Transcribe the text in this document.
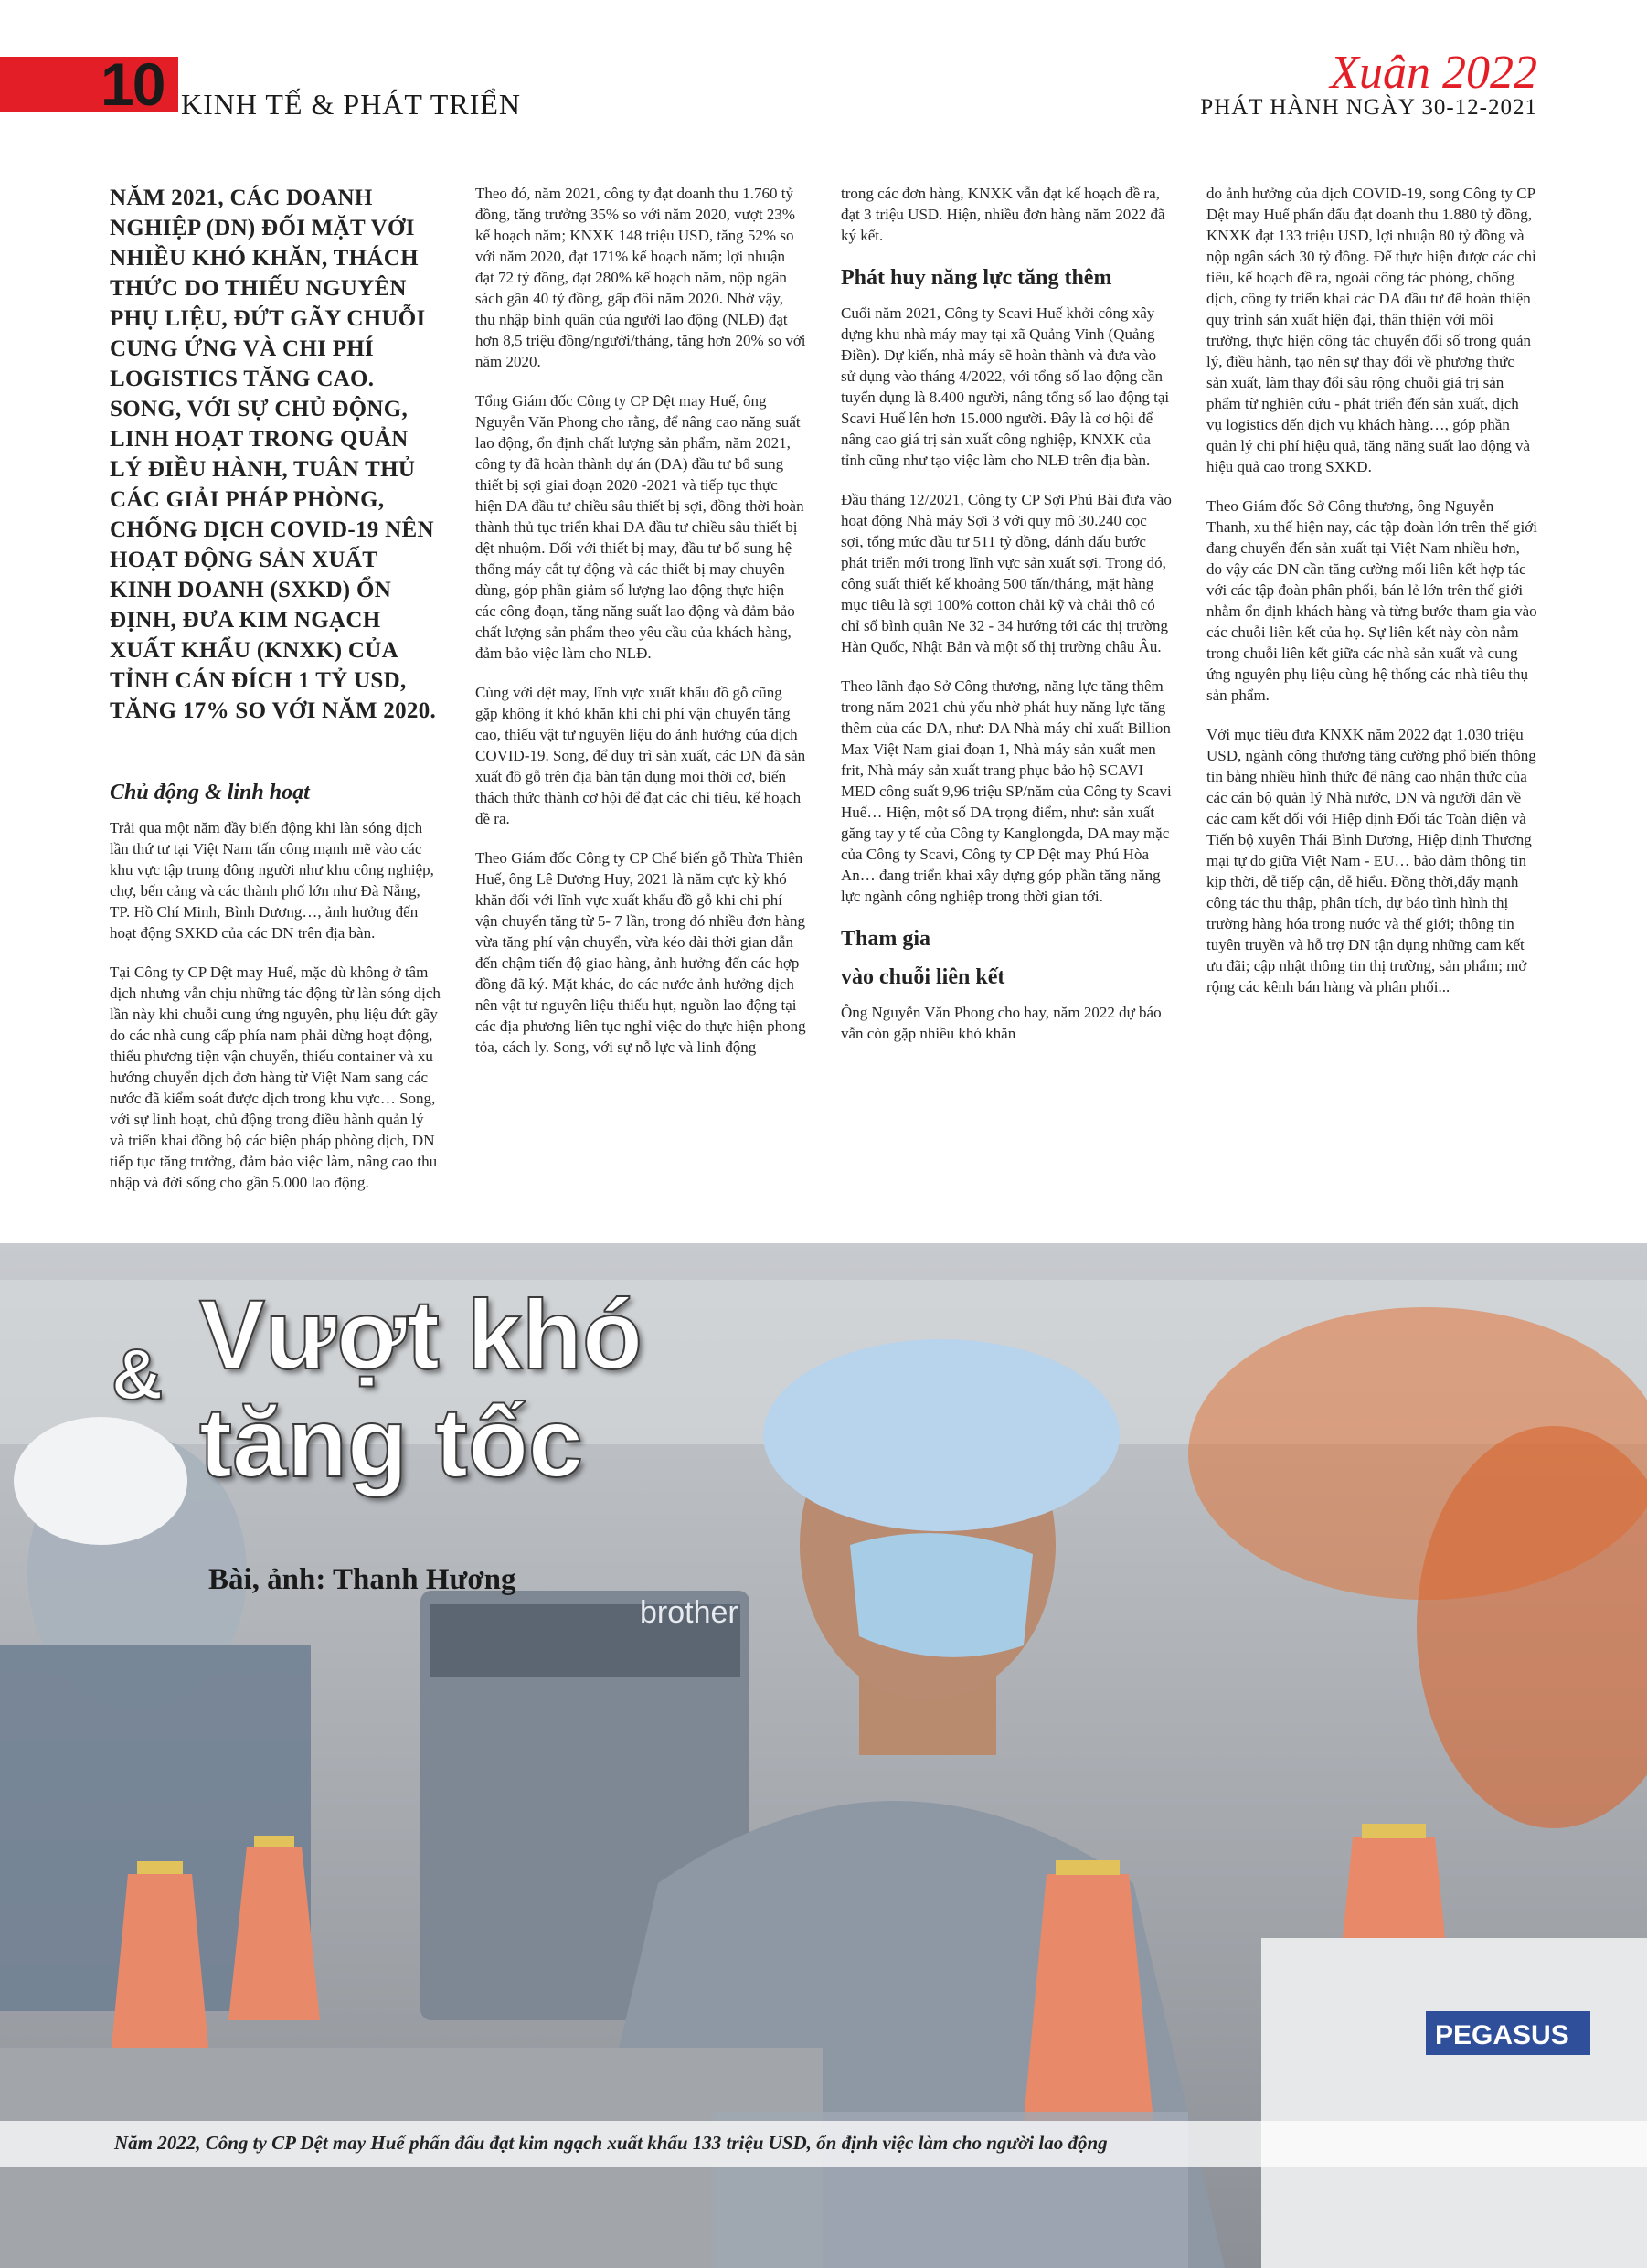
10 KINH TẾ & PHÁT TRIỂN
Xuân 2022
PHÁT HÀNH NGÀY 30-12-2021

NĂM 2021, CÁC DOANH NGHIỆP (DN) ĐỐI MẶT VỚI NHIỀU KHÓ KHĂN, THÁCH THỨC DO THIẾU NGUYÊN PHỤ LIỆU, ĐỨT GÃY CHUỖI CUNG ỨNG VÀ CHI PHÍ LOGISTICS TĂNG CAO. SONG, VỚI SỰ CHỦ ĐỘNG, LINH HOẠT TRONG QUẢN LÝ ĐIỀU HÀNH, TUÂN THỦ CÁC GIẢI PHÁP PHÒNG, CHỐNG DỊCH COVID-19 NÊN HOẠT ĐỘNG SẢN XUẤT KINH DOANH (SXKD) ỔN ĐỊNH, ĐƯA KIM NGẠCH XUẤT KHẨU (KNXK) CỦA TỈNH CÁN ĐÍCH 1 TỶ USD, TĂNG 17% SO VỚI NĂM 2020.

Chủ động & linh hoạt

Trải qua một năm đầy biến động khi làn sóng dịch lần thứ tư tại Việt Nam tấn công mạnh mẽ vào các khu vực tập trung đông người như khu công nghiệp, chợ, bến cảng và các thành phố lớn như Đà Nẵng, TP. Hồ Chí Minh, Bình Dương…, ảnh hưởng đến hoạt động SXKD của các DN trên địa bàn.

Tại Công ty CP Dệt may Huế, mặc dù không ở tâm dịch nhưng vẫn chịu những tác động từ làn sóng dịch lần này khi chuỗi cung ứng nguyên, phụ liệu đứt gãy do các nhà cung cấp phía nam phải dừng hoạt động, thiếu phương tiện vận chuyển, thiếu container và xu hướng chuyển dịch đơn hàng từ Việt Nam sang các nước đã kiểm soát được dịch trong khu vực… Song, với sự linh hoạt, chủ động trong điều hành quản lý và triển khai đồng bộ các biện pháp phòng dịch, DN tiếp tục tăng trưởng, đảm bảo việc làm, nâng cao thu nhập và đời sống cho gần 5.000 lao động.

Theo đó, năm 2021, công ty đạt doanh thu 1.760 tỷ đồng, tăng trưởng 35% so với năm 2020, vượt 23% kế hoạch năm; KNXK 148 triệu USD, tăng 52% so với năm 2020, đạt 171% kế hoạch năm; lợi nhuận đạt 72 tỷ đồng, đạt 280% kế hoạch năm, nộp ngân sách gần 40 tỷ đồng, gấp đôi năm 2020. Nhờ vậy, thu nhập bình quân của người lao động (NLĐ) đạt hơn 8,5 triệu đồng/người/tháng, tăng hơn 20% so với năm 2020.

Tổng Giám đốc Công ty CP Dệt may Huế, ông Nguyễn Văn Phong cho rằng, để nâng cao năng suất lao động, ổn định chất lượng sản phẩm, năm 2021, công ty đã hoàn thành dự án (DA) đầu tư bổ sung thiết bị sợi giai đoạn 2020 -2021 và tiếp tục thực hiện DA đầu tư chiều sâu thiết bị sợi, đồng thời hoàn thành thủ tục triển khai DA đầu tư chiều sâu thiết bị dệt nhuộm. Đối với thiết bị may, đầu tư bổ sung hệ thống máy cắt tự động và các thiết bị may chuyên dùng, góp phần giảm số lượng lao động thực hiện các công đoạn, tăng năng suất lao động và đảm bảo chất lượng sản phẩm theo yêu cầu của khách hàng, đảm bảo việc làm cho NLĐ.

Cùng với dệt may, lĩnh vực xuất khẩu đồ gỗ cũng gặp không ít khó khăn khi chi phí vận chuyển tăng cao, thiếu vật tư nguyên liệu do ảnh hưởng của dịch COVID-19. Song, để duy trì sản xuất, các DN đã sản xuất đồ gỗ trên địa bàn tận dụng mọi thời cơ, biến thách thức thành cơ hội để đạt các chỉ tiêu, kế hoạch đề ra.

Theo Giám đốc Công ty CP Chế biến gỗ Thừa Thiên Huế, ông Lê Dương Huy, 2021 là năm cực kỳ khó khăn đối với lĩnh vực xuất khẩu đồ gỗ khi chi phí vận chuyển tăng từ 5- 7 lần, trong đó nhiều đơn hàng vừa tăng phí vận chuyển, vừa kéo dài thời gian dẫn đến chậm tiến độ giao hàng, ảnh hưởng đến các hợp đồng đã ký. Mặt khác, do các nước ảnh hưởng dịch nên vật tư nguyên liệu thiếu hụt, nguồn lao động tại các địa phương liên tục nghỉ việc do thực hiện phong tỏa, cách ly. Song, với sự nỗ lực và linh động

trong các đơn hàng, KNXK vẫn đạt kế hoạch đề ra, đạt 3 triệu USD. Hiện, nhiều đơn hàng năm 2022 đã ký kết.

Phát huy năng lực tăng thêm

Cuối năm 2021, Công ty Scavi Huế khởi công xây dựng khu nhà máy may tại xã Quảng Vinh (Quảng Điền). Dự kiến, nhà máy sẽ hoàn thành và đưa vào sử dụng vào tháng 4/2022, với tổng số lao động cần tuyển dụng là 8.400 người, nâng tổng số lao động tại Scavi Huế lên hơn 15.000 người. Đây là cơ hội để nâng cao giá trị sản xuất công nghiệp, KNXK của tỉnh cũng như tạo việc làm cho NLĐ trên địa bàn.

Đầu tháng 12/2021, Công ty CP Sợi Phú Bài đưa vào hoạt động Nhà máy Sợi 3 với quy mô 30.240 cọc sợi, tổng mức đầu tư 511 tỷ đồng, đánh dấu bước phát triển mới trong lĩnh vực sản xuất sợi. Trong đó, công suất thiết kế khoảng 500 tấn/tháng, mặt hàng mục tiêu là sợi 100% cotton chải kỹ và chải thô có chỉ số bình quân Ne 32 - 34 hướng tới các thị trường Hàn Quốc, Nhật Bản và một số thị trường châu Âu.

Theo lãnh đạo Sở Công thương, năng lực tăng thêm trong năm 2021 chủ yếu nhờ phát huy năng lực tăng thêm của các DA, như: DA Nhà máy chỉ xuất Billion Max Việt Nam giai đoạn 1, Nhà máy sản xuất men frit, Nhà máy sản xuất trang phục bảo hộ SCAVI MED công suất 9,96 triệu SP/năm của Công ty Scavi Huế… Hiện, một số DA trọng điểm, như: sản xuất găng tay y tế của Công ty Kanglongda, DA may mặc của Công ty Scavi, Công ty CP Dệt may Phú Hòa An… đang triển khai xây dựng góp phần tăng năng lực ngành công nghiệp trong thời gian tới.

Tham gia
vào chuỗi liên kết

Ông Nguyễn Văn Phong cho hay, năm 2022 dự báo vẫn còn gặp nhiều khó khăn

do ảnh hưởng của dịch COVID-19, song Công ty CP Dệt may Huế phấn đấu đạt doanh thu 1.880 tỷ đồng, KNXK đạt 133 triệu USD, lợi nhuận 80 tỷ đồng và nộp ngân sách 30 tỷ đồng. Để thực hiện được các chỉ tiêu, kế hoạch đề ra, ngoài công tác phòng, chống dịch, công ty triển khai các DA đầu tư để hoàn thiện quy trình sản xuất hiện đại, thân thiện với môi trường, thực hiện công tác chuyển đổi số trong quản lý, điều hành, tạo nên sự thay đổi về phương thức sản xuất, làm thay đổi sâu rộng chuỗi giá trị sản phẩm từ nghiên cứu - phát triển đến sản xuất, dịch vụ logistics đến dịch vụ khách hàng…, góp phần quản lý chi phí hiệu quả, tăng năng suất lao động và hiệu quả cao trong SXKD.

Theo Giám đốc Sở Công thương, ông Nguyễn Thanh, xu thế hiện nay, các tập đoàn lớn trên thế giới đang chuyển đến sản xuất tại Việt Nam nhiều hơn, do vậy các DN cần tăng cường mối liên kết hợp tác với các tập đoàn phân phối, bán lẻ lớn trên thế giới nhằm ổn định khách hàng và từng bước tham gia vào các chuỗi liên kết của họ. Sự liên kết này còn nằm trong chuỗi liên kết giữa các nhà sản xuất và cung ứng nguyên phụ liệu cùng hệ thống các nhà tiêu thụ sản phẩm.

Với mục tiêu đưa KNXK năm 2022 đạt 1.030 triệu USD, ngành công thương tăng cường phổ biến thông tin bằng nhiều hình thức để nâng cao nhận thức của các cán bộ quản lý Nhà nước, DN và người dân về các cam kết đối với Hiệp định Đối tác Toàn diện và Tiến bộ xuyên Thái Bình Dương, Hiệp định Thương mại tự do giữa Việt Nam - EU… bảo đảm thông tin kịp thời, dễ tiếp cận, dễ hiểu. Đồng thời,đẩy mạnh công tác thu thập, phân tích, dự báo tình hình thị trường hàng hóa trong nước và thế giới; thông tin tuyên truyền và hỗ trợ DN tận dụng những cam kết ưu đãi; cập nhật thông tin thị trường, sản phẩm; mở rộng các kênh bán hàng và phân phối...

brother
PEGASUS
Vượt khó
tăng tốc
&
Bài, ảnh: Thanh Hương
Năm 2022, Công ty CP Dệt may Huế phấn đấu đạt kim ngạch xuất khẩu 133 triệu USD, ổn định việc làm cho người lao động
